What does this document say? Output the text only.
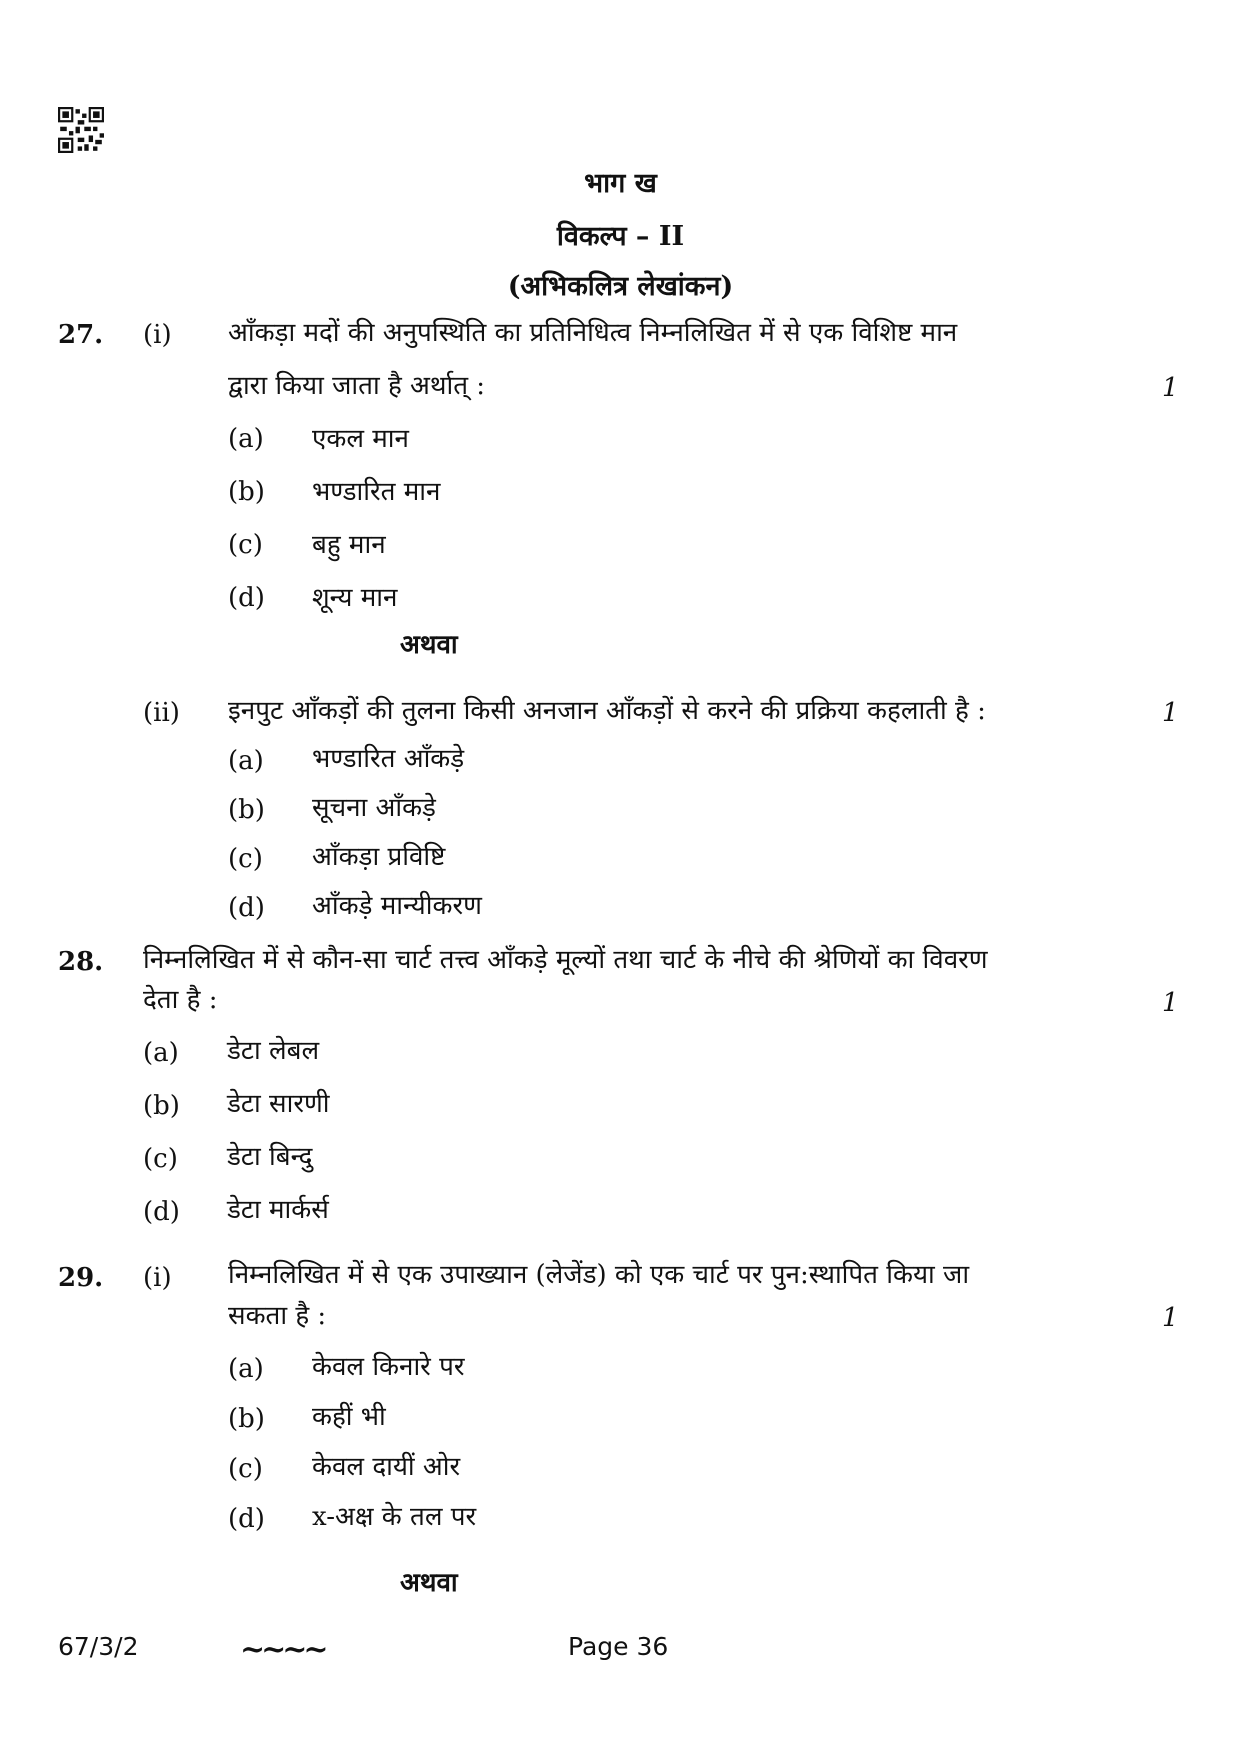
भाग ख
विकल्प – II
(अभिकलित्र लेखांकन)
27. (i) आँकड़ा मदों की अनुपस्थिति का प्रतिनिधित्व निम्नलिखित में से एक विशिष्ट मान
द्वारा किया जाता है अर्थात् :	1
(a) एकल मान
(b) भण्डारित मान
(c) बहु मान
(d) शून्य मान
अथवा
(ii) इनपुट आँकड़ों की तुलना किसी अनजान आँकड़ों से करने की प्रक्रिया कहलाती है :	1
(a) भण्डारित आँकड़े
(b) सूचना आँकड़े
(c) आँकड़ा प्रविष्टि
(d) आँकड़े मान्यीकरण
28. निम्नलिखित में से कौन-सा चार्ट तत्त्व आँकड़े मूल्यों तथा चार्ट के नीचे की श्रेणियों का विवरण
देता है :	1
(a) डेटा लेबल
(b) डेटा सारणी
(c) डेटा बिन्दु
(d) डेटा मार्कर्स
29. (i) निम्नलिखित में से एक उपाख्यान (लेजेंड) को एक चार्ट पर पुन:स्थापित किया जा
सकता है :	1
(a) केवल किनारे पर
(b) कहीं भी
(c) केवल दायीं ओर
(d) x-अक्ष के तल पर
अथवा
67/3/2	~~~~	Page 36
